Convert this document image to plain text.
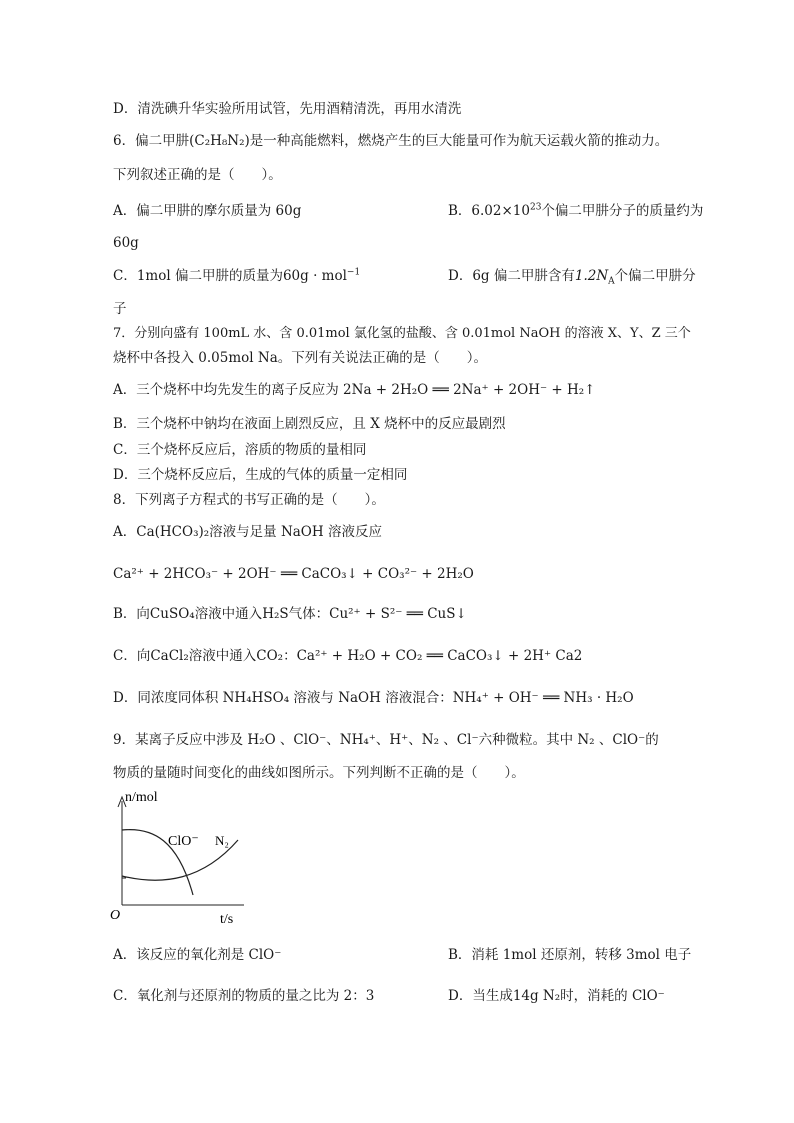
D．清洗碘升华实验所用试管，先用酒精清洗，再用水清洗
6．偏二甲肼(C₂H₈N₂)是一种高能燃料，燃烧产生的巨大能量可作为航天运载火箭的推动力。
下列叙述正确的是（　　）。
A．偏二甲肼的摩尔质量为 60g	B．$6.02\times 10^{23}$个偏二甲肼分子的质量约为
60g
C．1mol 偏二甲肼的质量为60g · mol$^{-1}$	D．6g 偏二甲肼含有$1.2N_A$个偏二甲肼分
子
7．分别向盛有 100mL 水、含 0.01mol 氯化氢的盐酸、含 0.01mol NaOH 的溶液 X、Y、Z 三个
烧杯中各投入 0.05mol Na。下列有关说法正确的是（　　）。
A．三个烧杯中均先发生的离子反应为 2Na + 2H₂O ══ 2Na⁺ + 2OH⁻ + H₂↑
B．三个烧杯中钠均在液面上剧烈反应，且 X 烧杯中的反应最剧烈
C．三个烧杯反应后，溶质的物质的量相同
D．三个烧杯反应后，生成的气体的质量一定相同
8．下列离子方程式的书写正确的是（　　）。
A．Ca(HCO₃)₂溶液与足量 NaOH 溶液反应
Ca²⁺ + 2HCO₃⁻ + 2OH⁻ ══ CaCO₃↓ + CO₃²⁻ + 2H₂O
B．向CuSO₄溶液中通入H₂S气体：Cu²⁺ + S²⁻ ══ CuS↓
C．向CaCl₂溶液中通入CO₂：Ca²⁺ + H₂O + CO₂ ══ CaCO₃↓ + 2H⁺ Ca2
D．同浓度同体积 NH₄HSO₄ 溶液与 NaOH 溶液混合：NH₄⁺ + OH⁻ ══ NH₃ · H₂O
9．某离子反应中涉及 H₂O 、ClO⁻、NH₄⁺、H⁺、N₂ 、Cl⁻六种微粒。其中 N₂ 、ClO⁻的
物质的量随时间变化的曲线如图所示。下列判断不正确的是（　　）。
n/mol
t/s
O
ClO⁻ N₂
A．该反应的氧化剂是 ClO⁻	B．消耗 1mol 还原剂，转移 3mol 电子
C．氧化剂与还原剂的物质的量之比为 2：3	D．当生成14g N₂时，消耗的 ClO⁻
